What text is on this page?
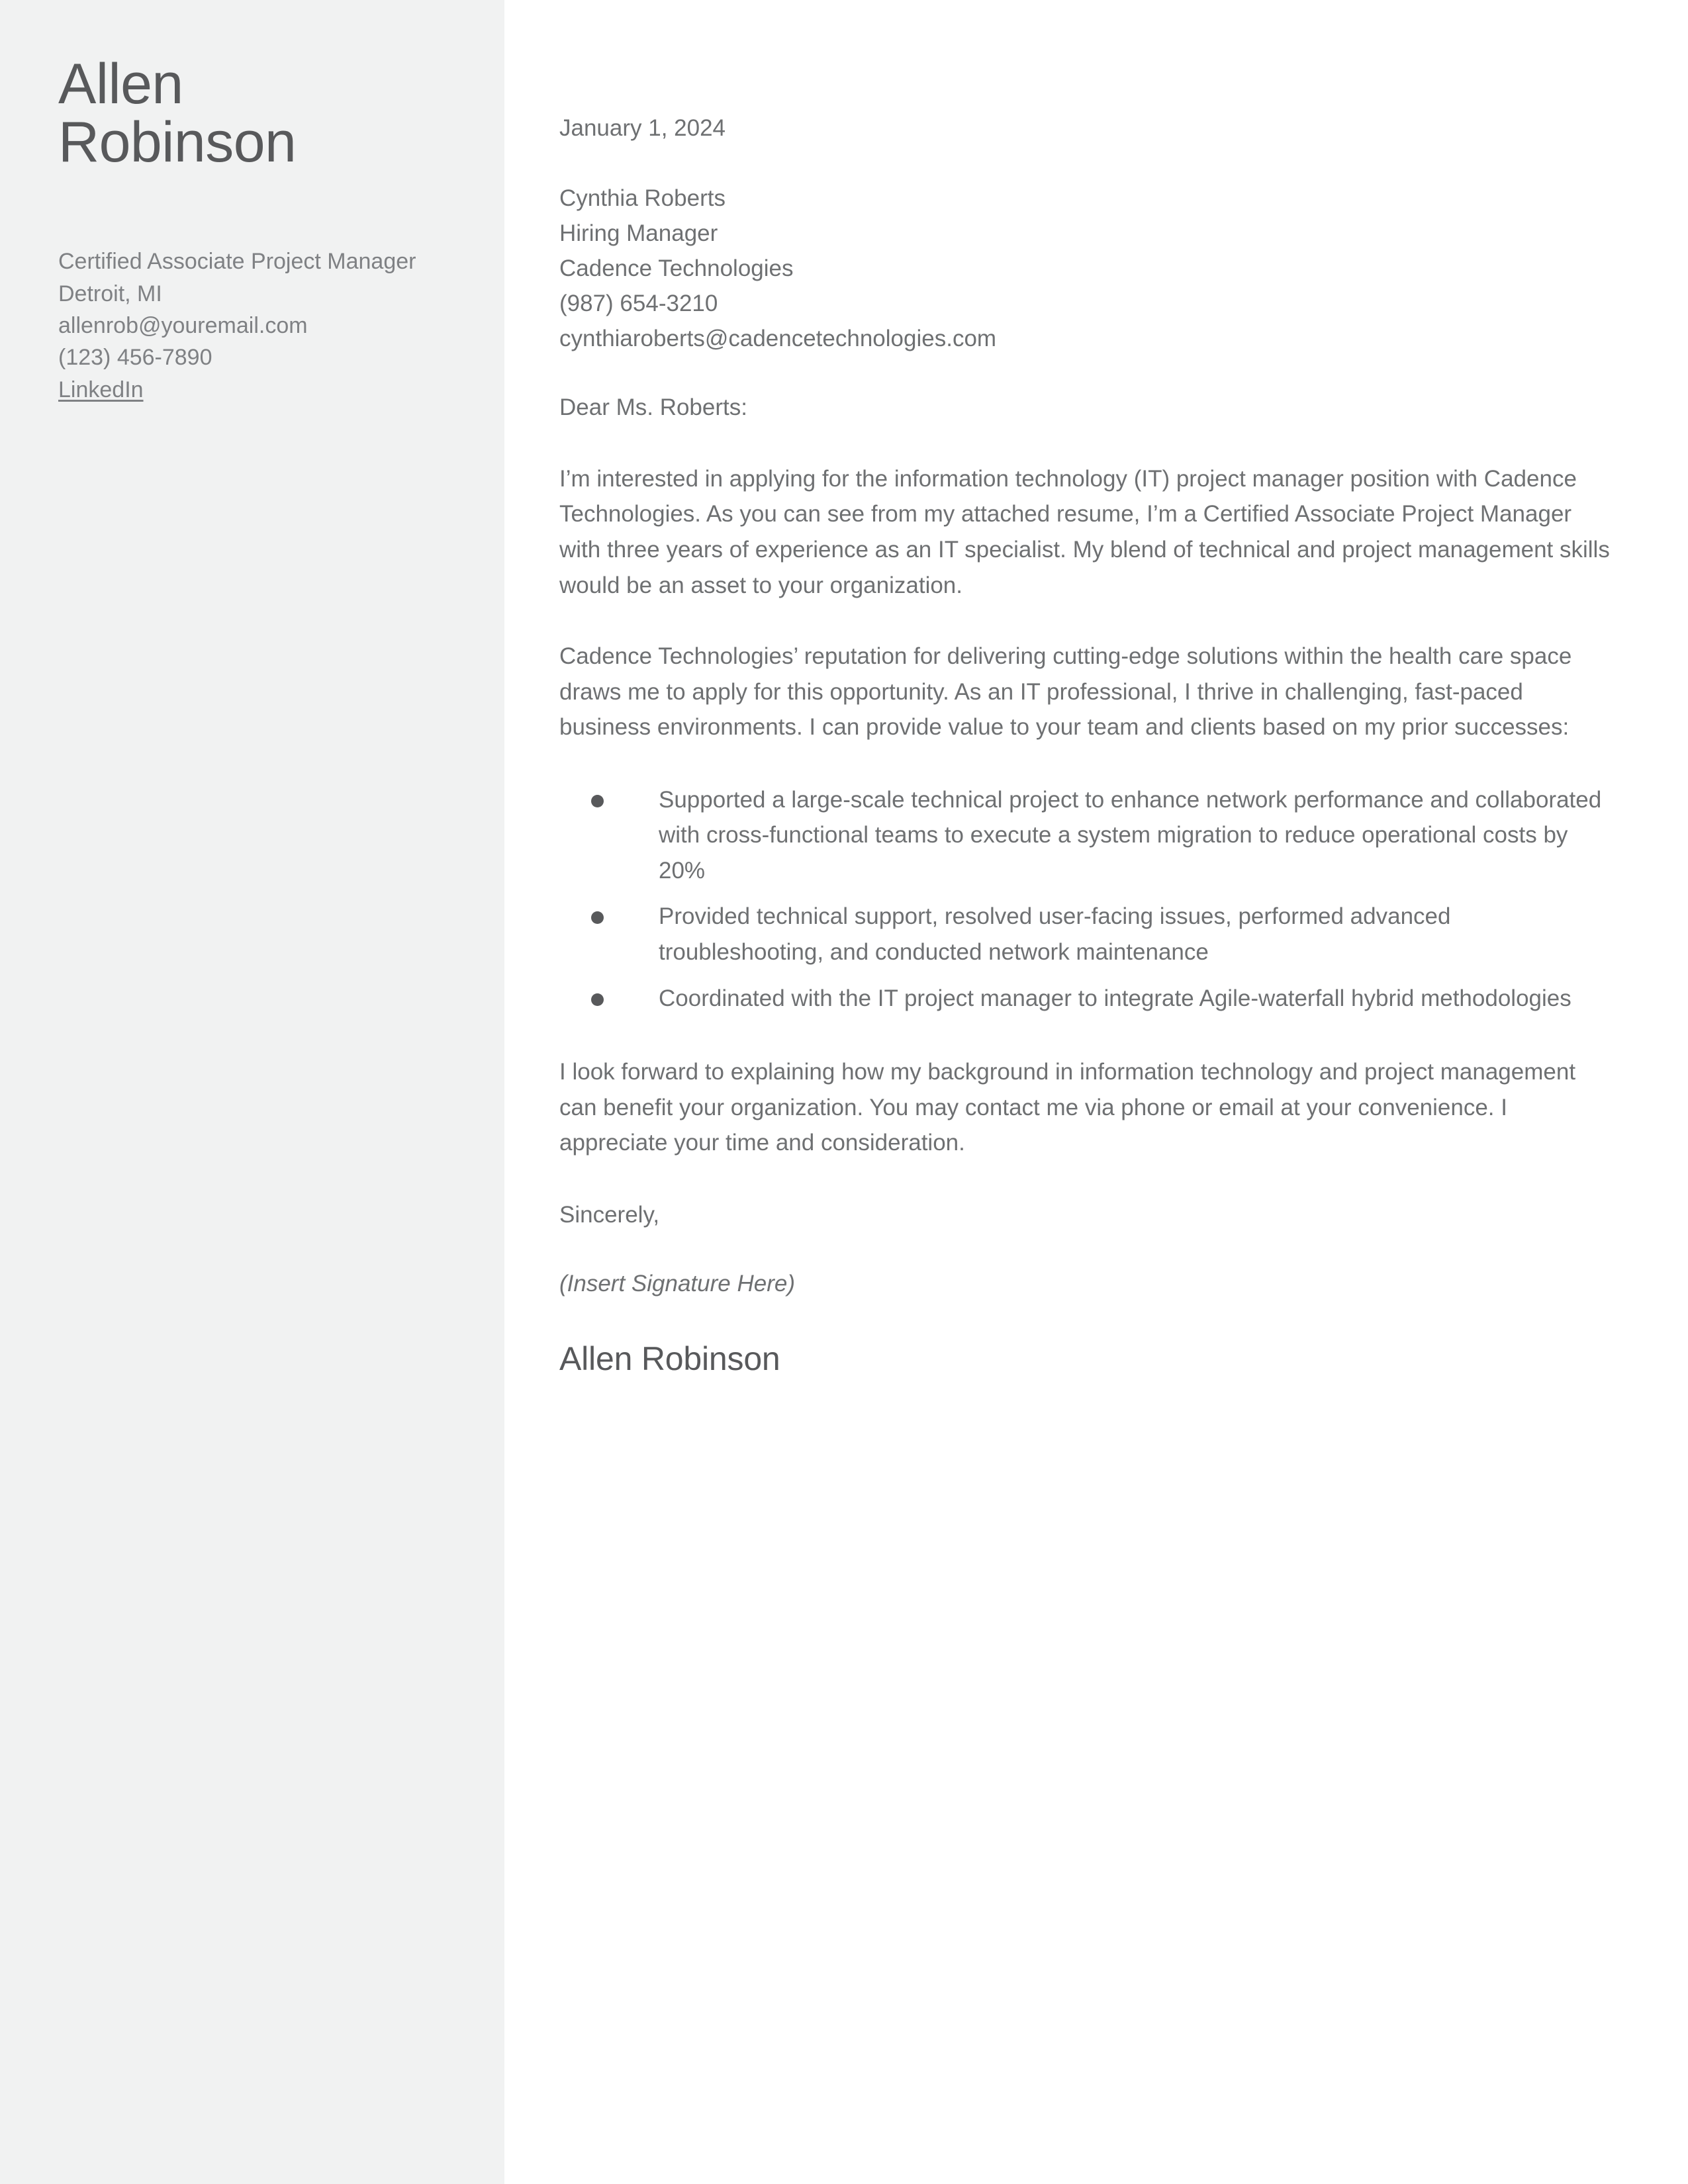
Allen Robinson
Certified Associate Project Manager
Detroit, MI
allenrob@youremail.com
(123) 456-7890
LinkedIn

January 1, 2024

Cynthia Roberts
Hiring Manager
Cadence Technologies
(987) 654-3210
cynthiaroberts@cadencetechnologies.com

Dear Ms. Roberts:

I’m interested in applying for the information technology (IT) project manager position with Cadence Technologies. As you can see from my attached resume, I’m a Certified Associate Project Manager with three years of experience as an IT specialist. My blend of technical and project management skills would be an asset to your organization.

Cadence Technologies’ reputation for delivering cutting-edge solutions within the health care space draws me to apply for this opportunity. As an IT professional, I thrive in challenging, fast-paced business environments. I can provide value to your team and clients based on my prior successes:

Supported a large-scale technical project to enhance network performance and collaborated with cross-functional teams to execute a system migration to reduce operational costs by 20%
Provided technical support, resolved user-facing issues, performed advanced troubleshooting, and conducted network maintenance
Coordinated with the IT project manager to integrate Agile-waterfall hybrid methodologies

I look forward to explaining how my background in information technology and project management can benefit your organization. You may contact me via phone or email at your convenience. I appreciate your time and consideration.

Sincerely,

(Insert Signature Here)

Allen Robinson
